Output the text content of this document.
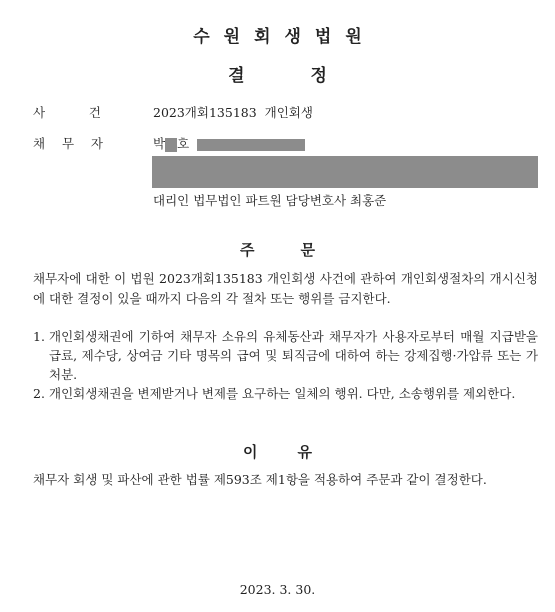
수원회생법원
결	정
사	건	2023개회135183  개인회생
채 무 자	박 호
대리인 법무법인 파트원 담당변호사 최홍준
주	문
채무자에 대한 이 법원 2023개회135183 개인회생 사건에 관하여 개인회생절차의 개시신청에 대한 결정이 있을 때까지 다음의 각 절차 또는 행위를 금지한다.
1. 개인회생채권에 기하여 채무자 소유의 유체동산과 채무자가 사용자로부터 매월 지급받을 급료, 제수당, 상여금 기타 명목의 급여 및 퇴직금에 대하여 하는 강제집행·가압류 또는 가처분.
2. 개인회생채권을 변제받거나 변제를 요구하는 일체의 행위. 다만, 소송행위를 제외한다.
이	유
채무자 회생 및 파산에 관한 법률 제593조 제1항을 적용하여 주문과 같이 결정한다.
2023. 3. 30.
